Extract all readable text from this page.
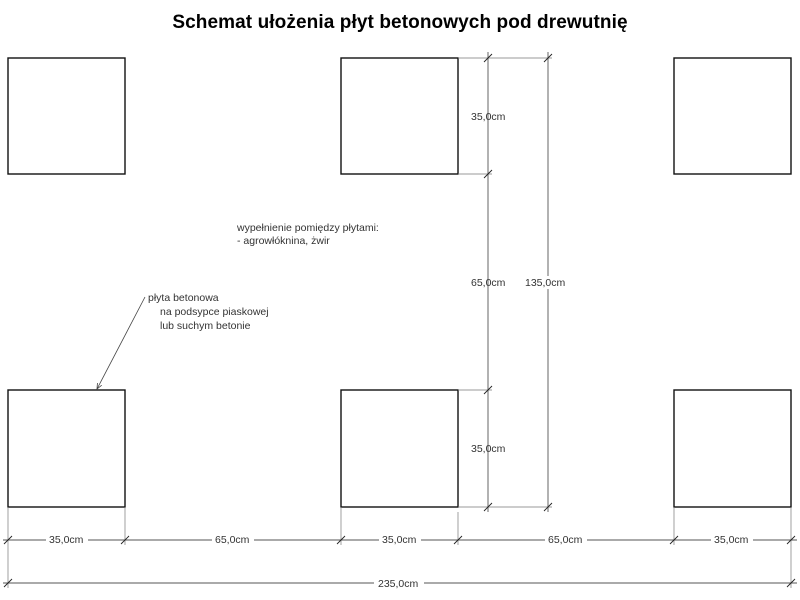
Schemat ułożenia płyt betonowych pod drewutnię
wypełnienie pomiędzy płytami:
- agrowłóknina, żwir
płyta betonowa
na podsypce piaskowej
lub suchym betonie
35,0cm
65,0cm
35,0cm
135,0cm
35,0cm	65,0cm	35,0cm	65,0cm	35,0cm
235,0cm
